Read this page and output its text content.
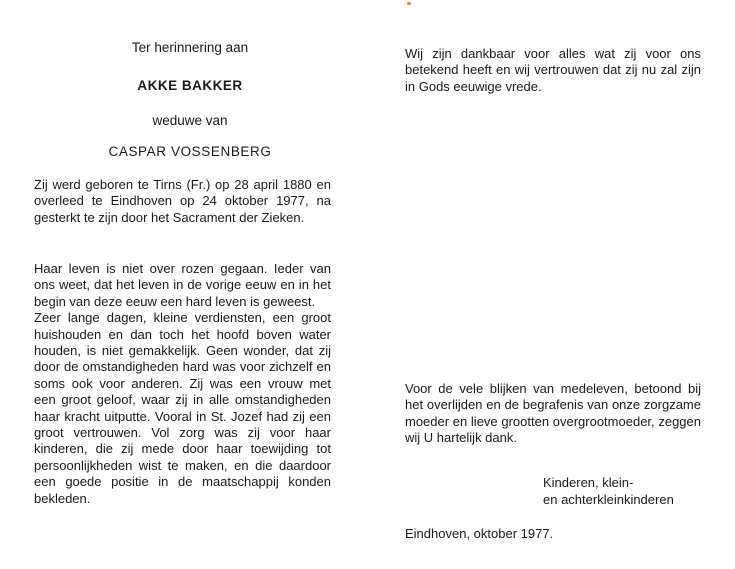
Ter herinnering aan
AKKE BAKKER
weduwe van
CASPAR VOSSENBERG

Zij werd geboren te Tirns (Fr.) op 28 april 1880 en overleed te Eindhoven op 24 oktober 1977, na gesterkt te zijn door het Sacrament der Zieken.

Haar leven is niet over rozen gegaan. Ieder van ons weet, dat het leven in de vorige eeuw en in het begin van deze eeuw een hard leven is geweest.

Zeer lange dagen, kleine verdiensten, een groot huishouden en dan toch het hoofd boven water houden, is niet gemakkelijk. Geen wonder, dat zij door de omstandigheden hard was voor zichzelf en soms ook voor anderen. Zij was een vrouw met een groot geloof, waar zij in alle omstandigheden haar kracht uitputte. Vooral in St. Jozef had zij een groot vertrouwen. Vol zorg was zij voor haar kinderen, die zij mede door haar toewijding tot persoonlijkheden wist te maken, en die daardoor een goede positie in de maatschappij konden bekleden.

Wij zijn dankbaar voor alles wat zij voor ons betekend heeft en wij vertrouwen dat zij nu zal zijn in Gods eeuwige vrede.
Voor de vele blijken van medeleven, betoond bij het overlijden en de begrafenis van onze zorgzame moeder en lieve grootten overgrootmoeder, zeggen wij U hartelijk dank.
Kinderen, klein-
en achterkleinkinderen
Eindhoven, oktober 1977.
